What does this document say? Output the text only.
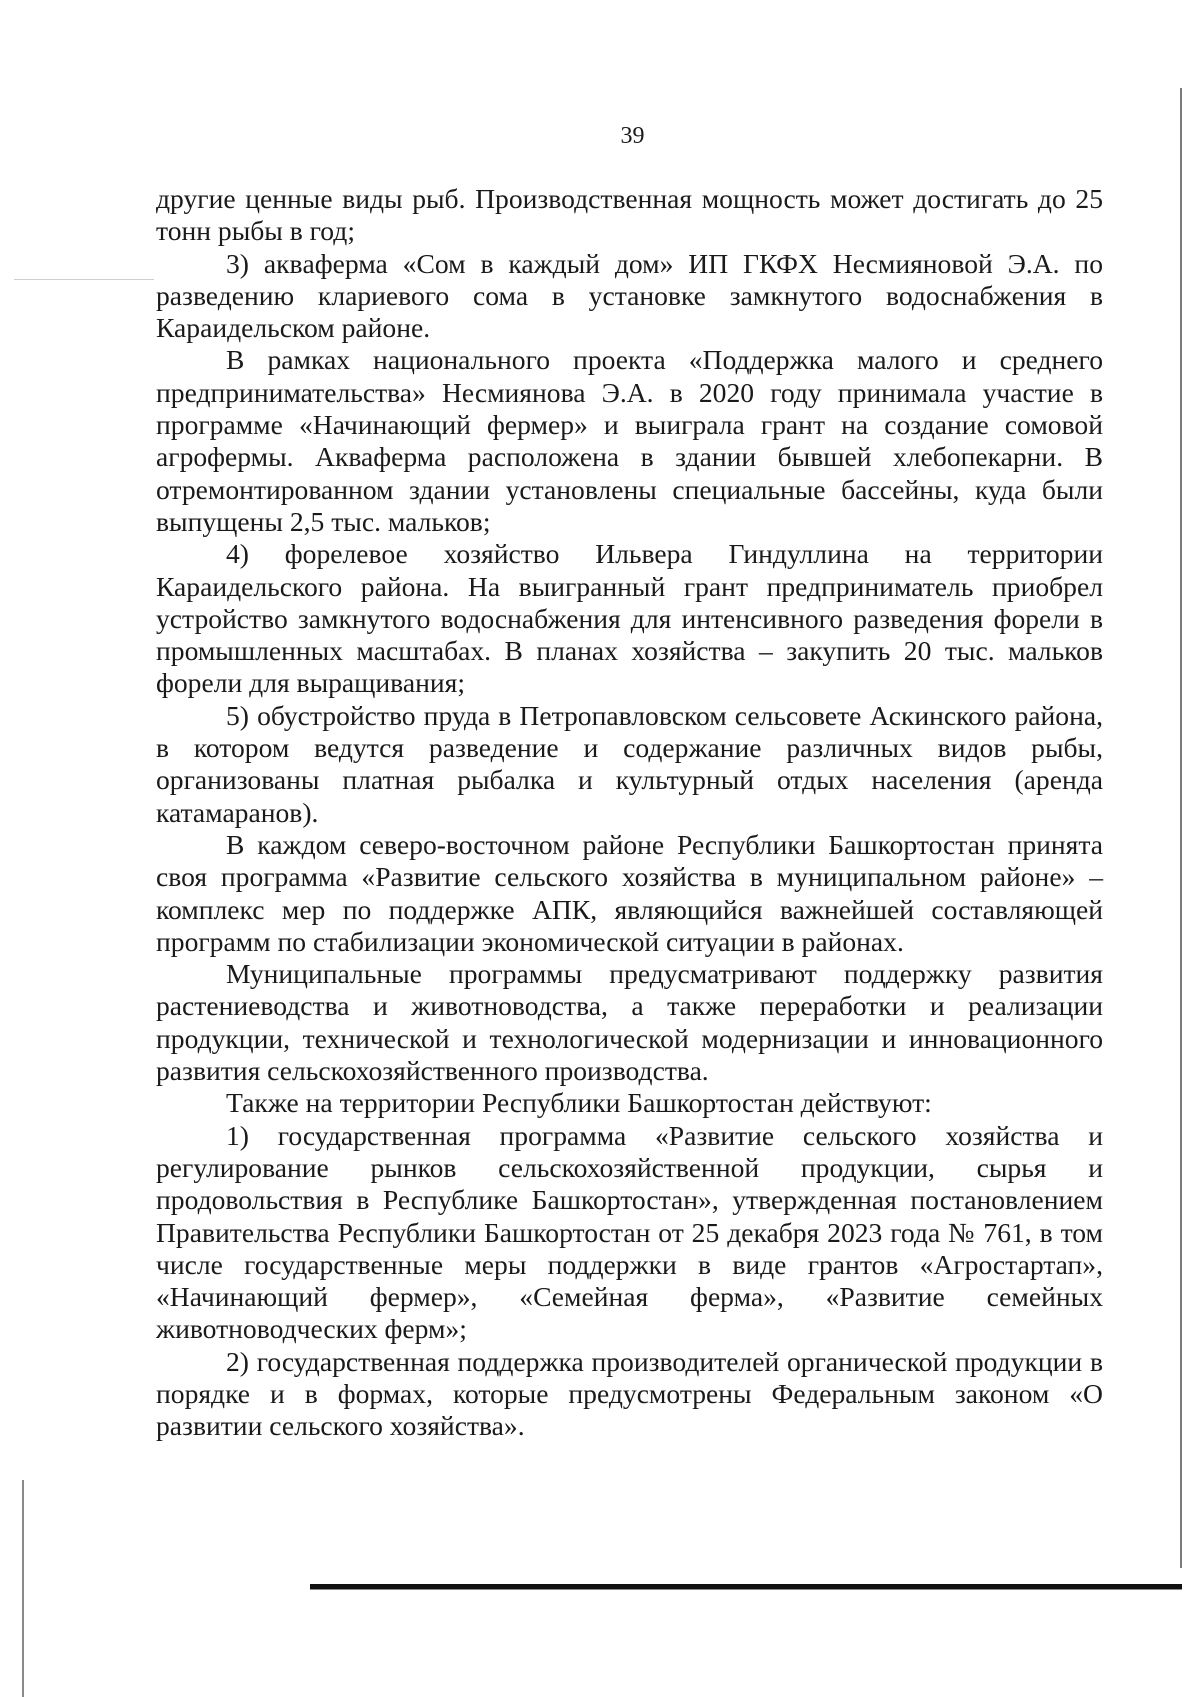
39

другие ценные виды рыб. Производственная мощность может достигать до 25 тонн рыбы в год;

3) аквaферма «Сом в каждый дом» ИП ГКФХ Несмияновой Э.А. по разведению клариевого сома в установке замкнутого водоснабжения в Караидельском районе.

В рамках национального проекта «Поддержка малого и среднего предпринимательства» Несмиянова Э.А. в 2020 году принимала участие в программе «Начинающий фермер» и выиграла грант на создание сомовой агрофермы. Акваферма расположена в здании бывшей хлебопекарни. В отремонтированном здании установлены специальные бассейны, куда были выпущены 2,5 тыс. мальков;

4) форелевое хозяйство Ильвера Гиндуллина на территории Караидельского района. На выигранный грант предприниматель приобрел устройство замкнутого водоснабжения для интенсивного разведения форели в промышленных масштабах. В планах хозяйства – закупить 20 тыс. мальков форели для выращивания;

5) обустройство пруда в Петропавловском сельсовете Аскинского района, в котором ведутся разведение и содержание различных видов рыбы, организованы платная рыбалка и культурный отдых населения (аренда катамаранов).

В каждом северо-восточном районе Республики Башкортостан принята своя программа «Развитие сельского хозяйства в муниципальном районе» – комплекс мер по поддержке АПК, являющийся важнейшей составляющей программ по стабилизации экономической ситуации в районах.

Муниципальные программы предусматривают поддержку развития растениеводства и животноводства, а также переработки и реализации продукции, технической и технологической модернизации и инновационного развития сельскохозяйственного производства.

Также на территории Республики Башкортостан действуют:

1) государственная программа «Развитие сельского хозяйства и регулирование рынков сельскохозяйственной продукции, сырья и продовольствия в Республике Башкортостан», утвержденная постановлением Правительства Республики Башкортостан от 25 декабря 2023 года № 761, в том числе государственные меры поддержки в виде грантов «Агростартап», «Начинающий фермер», «Семейная ферма», «Развитие семейных животноводческих ферм»;

2) государственная поддержка производителей органической продукции в порядке и в формах, которые предусмотрены Федеральным законом «О развитии сельского хозяйства».
